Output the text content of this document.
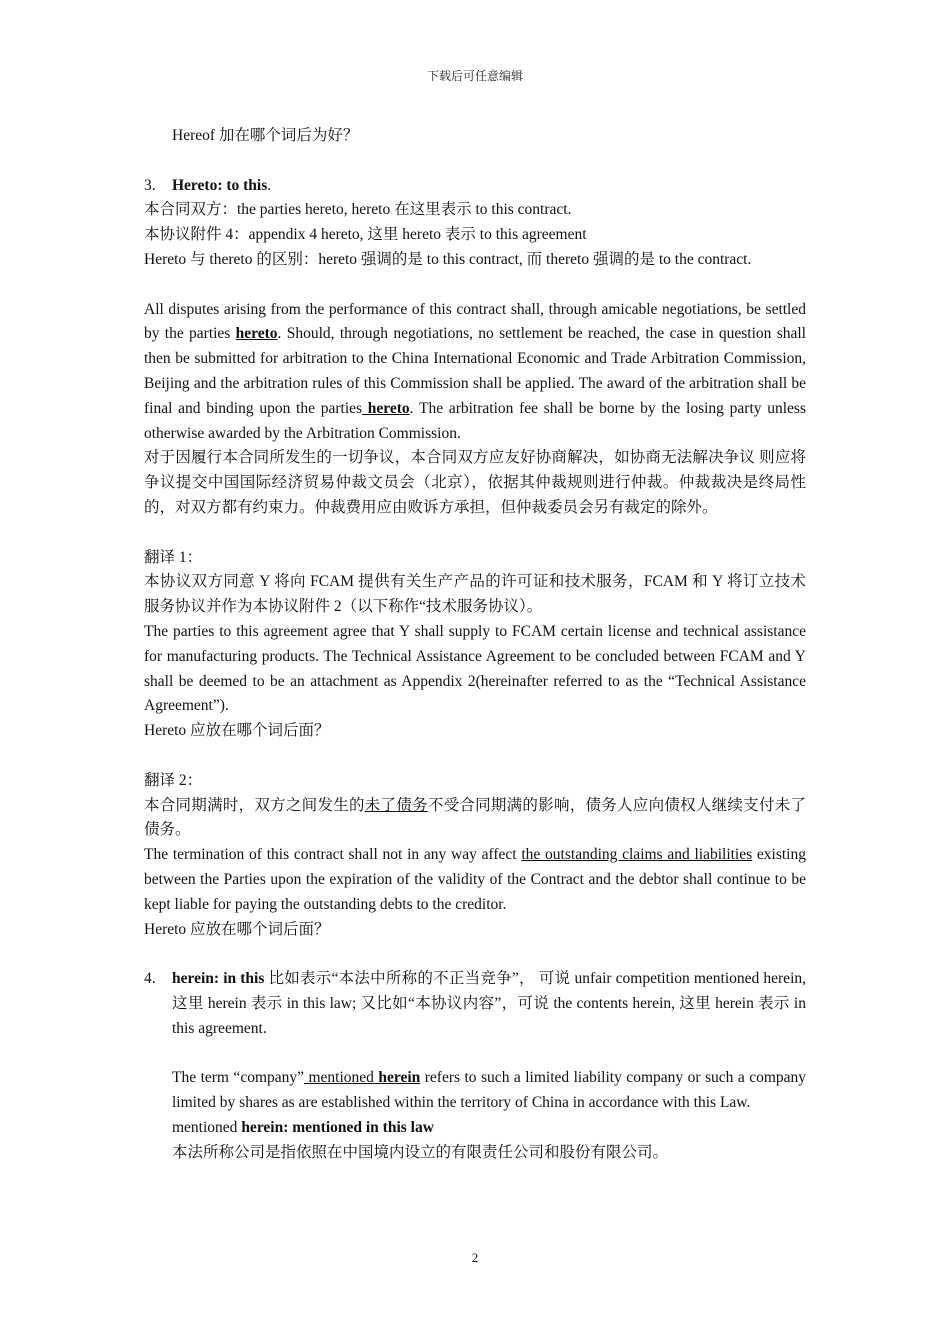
下载后可任意编辑

Hereof 加在哪个词后为好？

3.	Hereto: to this.

本合同双方：the parties hereto, hereto 在这里表示 to this contract.

本协议附件 4：appendix 4 hereto, 这里 hereto 表示 to this agreement

Hereto 与 thereto 的区别：hereto 强调的是 to this contract, 而 thereto 强调的是 to the contract.

All disputes arising from the performance of this contract shall, through amicable negotiations, be settled by the parties hereto. Should, through negotiations, no settlement be reached, the case in question shall then be submitted for arbitration to the China International Economic and Trade Arbitration Commission, Beijing and the arbitration rules of this Commission shall be applied. The award of the arbitration shall be final and binding upon the parties hereto. The arbitration fee shall be borne by the losing party unless otherwise awarded by the Arbitration Commission.

对于因履行本合同所发生的一切争议，本合同双方应友好协商解决，如协商无法解决争议 则应将争议提交中国国际经济贸易仲裁文员会（北京），依据其仲裁规则进行仲裁。仲裁裁决是终局性的，对双方都有约束力。仲裁费用应由败诉方承担，但仲裁委员会另有裁定的除外。

翻译 1：

本协议双方同意 Y 将向 FCAM 提供有关生产产品的许可证和技术服务，FCAM 和 Y 将订立技术服务协议并作为本协议附件 2（以下称作“技术服务协议）。

The parties to this agreement agree that Y shall supply to FCAM certain license and technical assistance for manufacturing products. The Technical Assistance Agreement to be concluded between FCAM and Y shall be deemed to be an attachment as Appendix 2(hereinafter referred to as the “Technical Assistance Agreement”).

Hereto 应放在哪个词后面？

翻译 2：

本合同期满时，双方之间发生的未了债务不受合同期满的影响，债务人应向债权人继续支付未了债务。

The termination of this contract shall not in any way affect the outstanding claims and liabilities existing between the Parties upon the expiration of the validity of the Contract and the debtor shall continue to be kept liable for paying the outstanding debts to the creditor.

Hereto 应放在哪个词后面？

4.	herein: in this 比如表示“本法中所称的不正当竞争”， 可说 unfair competition mentioned herein, 这里 herein 表示 in this law; 又比如“本协议内容”，可说 the contents herein, 这里 herein 表示 in this agreement.

The term “company” mentioned herein refers to such a limited liability company or such a company limited by shares as are established within the territory of China in accordance with this Law.

mentioned herein: mentioned in this law

本法所称公司是指依照在中国境内设立的有限责任公司和股份有限公司。

2
